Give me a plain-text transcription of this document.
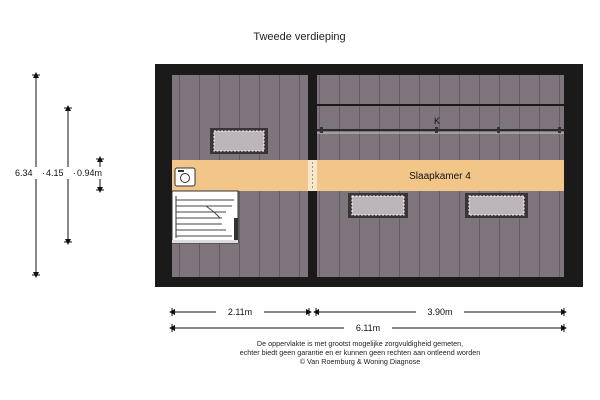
Tweede verdieping
Slaapkamer 4
K
6.34 · 4.15 · 0.94m
2.11m	3.90m
6.11m
De oppervlakte is met grootst mogelijke zorgvuldigheid gemeten,
echter biedt geen garantie en er kunnen geen rechten aan ontleend worden
© Van Roemburg & Woning Diagnose
